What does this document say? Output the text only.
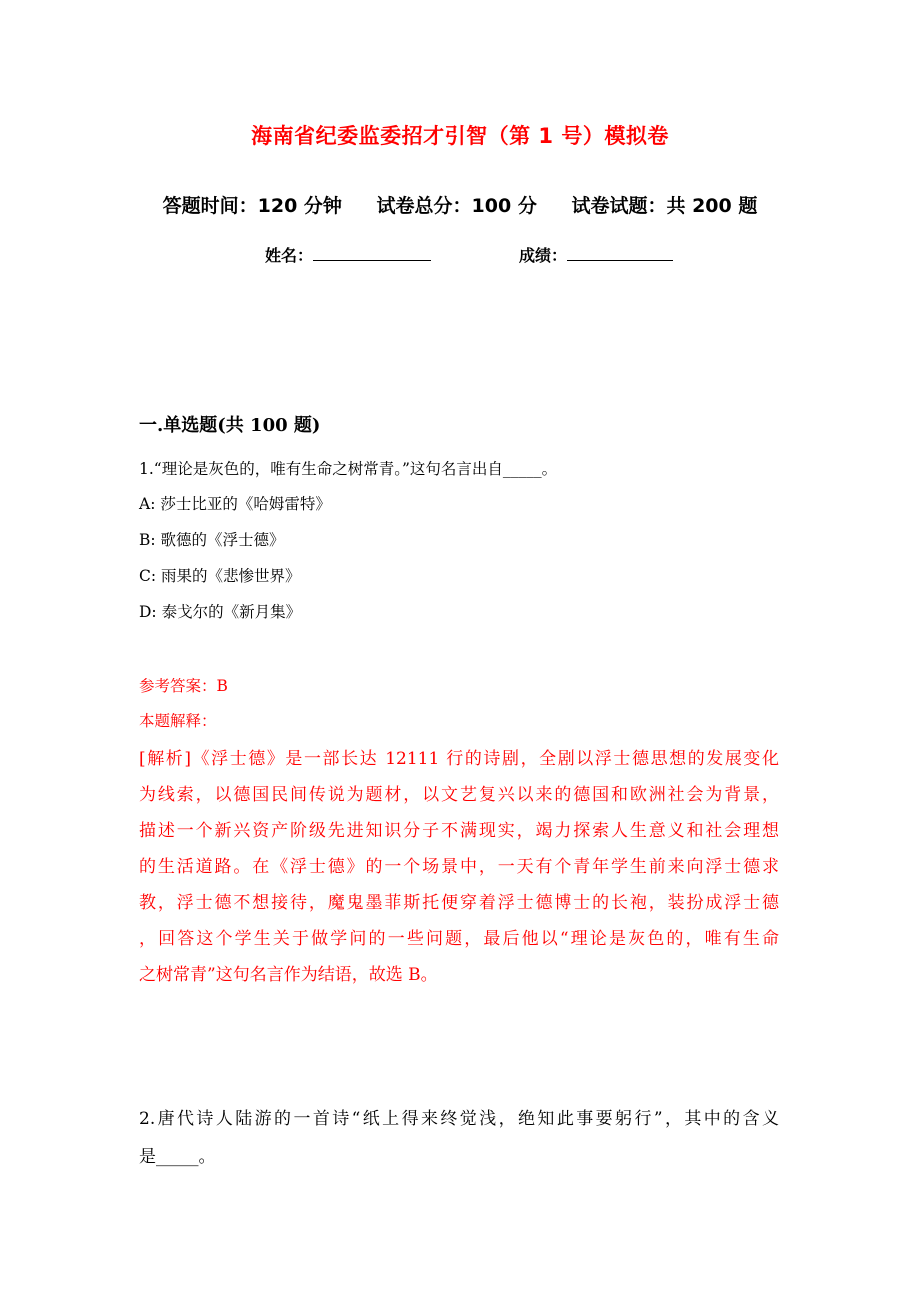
海南省纪委监委招才引智（第 1 号）模拟卷
答题时间：120 分钟 试卷总分：100 分 试卷试题：共 200 题
姓名：	成绩：
一.单选题(共 100 题)
1.“理论是灰色的，唯有生命之树常青。”这句名言出自_____。
A: 莎士比亚的《哈姆雷特》
B: 歌德的《浮士德》
C: 雨果的《悲惨世界》
D: 泰戈尔的《新月集》
参考答案：B
本题解释：
[解析]《浮士德》是一部长达 12111 行的诗剧，全剧以浮士德思想的发展变化
为线索，以德国民间传说为题材，以文艺复兴以来的德国和欧洲社会为背景，
描述一个新兴资产阶级先进知识分子不满现实，竭力探索人生意义和社会理想
的生活道路。在《浮士德》的一个场景中，一天有个青年学生前来向浮士德求
教，浮士德不想接待，魔鬼墨菲斯托便穿着浮士德博士的长袍，装扮成浮士德
，回答这个学生关于做学问的一些问题，最后他以“理论是灰色的，唯有生命
之树常青”这句名言作为结语，故选 B。
2.唐代诗人陆游的一首诗“纸上得来终觉浅，绝知此事要躬行”，其中的含义
是_____。
